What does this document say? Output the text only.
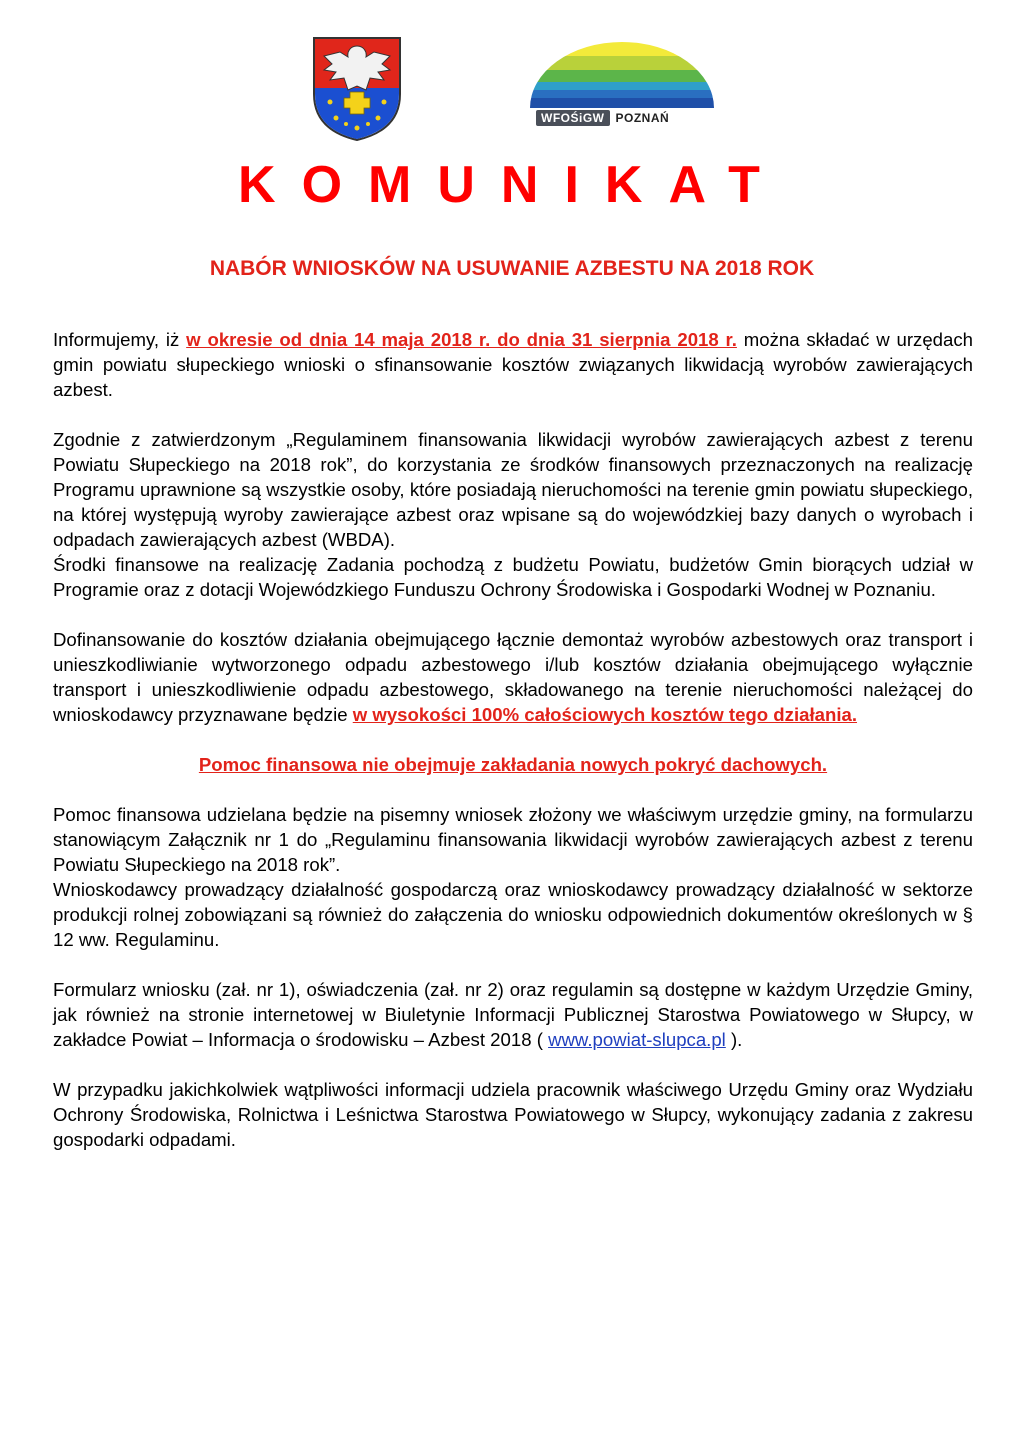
WFOŚiGW POZNAŃ
KOMUNIKAT
NABÓR WNIOSKÓW NA USUWANIE AZBESTU NA 2018 ROK

Informujemy, iż w okresie od dnia 14 maja 2018 r. do dnia 31 sierpnia 2018 r. można składać w urzędach gmin powiatu słupeckiego wnioski o sfinansowanie kosztów związanych likwidacją wyrobów zawierających azbest.

Zgodnie z zatwierdzonym „Regulaminem finansowania likwidacji wyrobów zawierających azbest z terenu Powiatu Słupeckiego na 2018 rok”, do korzystania ze środków finansowych przeznaczonych na realizację Programu uprawnione są wszystkie osoby, które posiadają nieruchomości na terenie gmin powiatu słupeckiego, na której występują wyroby zawierające azbest oraz wpisane są do wojewódzkiej bazy danych o wyrobach i odpadach zawierających azbest (WBDA).

Środki finansowe na realizację Zadania pochodzą z budżetu Powiatu, budżetów Gmin biorących udział w Programie oraz z dotacji Wojewódzkiego Funduszu Ochrony Środowiska i Gospodarki Wodnej w Poznaniu.

Dofinansowanie do kosztów działania obejmującego łącznie demontaż wyrobów azbestowych oraz transport i unieszkodliwianie wytworzonego odpadu azbestowego i/lub kosztów działania obejmującego wyłącznie transport i unieszkodliwienie odpadu azbestowego, składowanego na terenie nieruchomości należącej do wnioskodawcy przyznawane będzie w wysokości 100% całościowych kosztów tego działania.

Pomoc finansowa nie obejmuje zakładania nowych pokryć dachowych.

Pomoc finansowa udzielana będzie na pisemny wniosek złożony we właściwym urzędzie gminy, na formularzu stanowiącym Załącznik nr 1 do „Regulaminu finansowania likwidacji wyrobów zawierających azbest z terenu Powiatu Słupeckiego na 2018 rok”.

Wnioskodawcy prowadzący działalność gospodarczą oraz wnioskodawcy prowadzący działalność w sektorze produkcji rolnej zobowiązani są również do załączenia do wniosku odpowiednich dokumentów określonych w § 12 ww. Regulaminu.

Formularz wniosku (zał. nr 1), oświadczenia (zał. nr 2) oraz regulamin są dostępne w każdym Urzędzie Gminy, jak również na stronie internetowej w Biuletynie Informacji Publicznej Starostwa Powiatowego w Słupcy, w zakładce Powiat – Informacja o środowisku – Azbest 2018 ( www.powiat-slupca.pl ).

W przypadku jakichkolwiek wątpliwości informacji udziela pracownik właściwego Urzędu Gminy oraz Wydziału Ochrony Środowiska, Rolnictwa i Leśnictwa Starostwa Powiatowego w Słupcy, wykonujący zadania z zakresu gospodarki odpadami.
